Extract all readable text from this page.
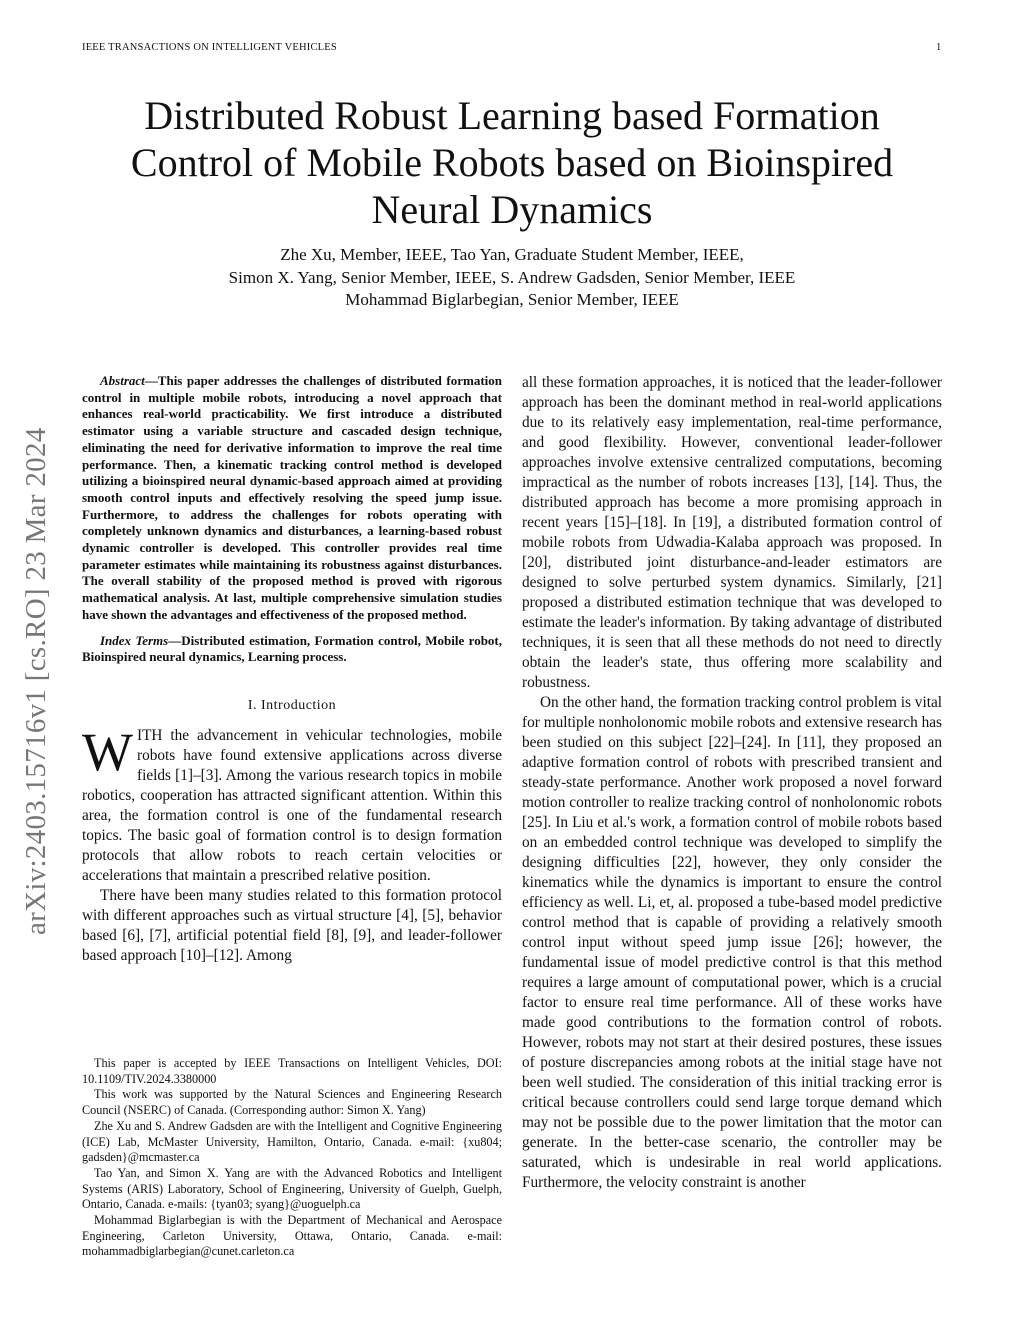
IEEE TRANSACTIONS ON INTELLIGENT VEHICLES	1
arXiv:2403.15716v1 [cs.RO] 23 Mar 2024
Distributed Robust Learning based Formation Control of Mobile Robots based on Bioinspired Neural Dynamics
Zhe Xu, Member, IEEE, Tao Yan, Graduate Student Member, IEEE,
Simon X. Yang, Senior Member, IEEE, S. Andrew Gadsden, Senior Member, IEEE
Mohammad Biglarbegian, Senior Member, IEEE

Abstract—This paper addresses the challenges of distributed formation control in multiple mobile robots, introducing a novel approach that enhances real-world practicability. We first introduce a distributed estimator using a variable structure and cascaded design technique, eliminating the need for derivative information to improve the real time performance. Then, a kinematic tracking control method is developed utilizing a bioinspired neural dynamic-based approach aimed at providing smooth control inputs and effectively resolving the speed jump issue. Furthermore, to address the challenges for robots operating with completely unknown dynamics and disturbances, a learning-based robust dynamic controller is developed. This controller provides real time parameter estimates while maintaining its robustness against disturbances. The overall stability of the proposed method is proved with rigorous mathematical analysis. At last, multiple comprehensive simulation studies have shown the advantages and effectiveness of the proposed method.

Index Terms—Distributed estimation, Formation control, Mobile robot, Bioinspired neural dynamics, Learning process.

I. Introduction

WITH the advancement in vehicular technologies, mobile robots have found extensive applications across diverse fields [1]–[3]. Among the various research topics in mobile robotics, cooperation has attracted significant attention. Within this area, the formation control is one of the fundamental research topics. The basic goal of formation control is to design formation protocols that allow robots to reach certain velocities or accelerations that maintain a prescribed relative position.

There have been many studies related to this formation protocol with different approaches such as virtual structure [4], [5], behavior based [6], [7], artificial potential field [8], [9], and leader-follower based approach [10]–[12]. Among

This paper is accepted by IEEE Transactions on Intelligent Vehicles, DOI: 10.1109/TIV.2024.3380000

This work was supported by the Natural Sciences and Engineering Research Council (NSERC) of Canada. (Corresponding author: Simon X. Yang)

Zhe Xu and S. Andrew Gadsden are with the Intelligent and Cognitive Engineering (ICE) Lab, McMaster University, Hamilton, Ontario, Canada. e-mail: {xu804; gadsden}@mcmaster.ca

Tao Yan, and Simon X. Yang are with the Advanced Robotics and Intelligent Systems (ARIS) Laboratory, School of Engineering, University of Guelph, Guelph, Ontario, Canada. e-mails: {tyan03; syang}@uoguelph.ca

Mohammad Biglarbegian is with the Department of Mechanical and Aerospace Engineering, Carleton University, Ottawa, Ontario, Canada. e-mail: mohammadbiglarbegian@cunet.carleton.ca

all these formation approaches, it is noticed that the leader-follower approach has been the dominant method in real-world applications due to its relatively easy implementation, real-time performance, and good flexibility. However, conventional leader-follower approaches involve extensive centralized computations, becoming impractical as the number of robots increases [13], [14]. Thus, the distributed approach has become a more promising approach in recent years [15]–[18]. In [19], a distributed formation control of mobile robots from Udwadia-Kalaba approach was proposed. In [20], distributed joint disturbance-and-leader estimators are designed to solve perturbed system dynamics. Similarly, [21] proposed a distributed estimation technique that was developed to estimate the leader's information. By taking advantage of distributed techniques, it is seen that all these methods do not need to directly obtain the leader's state, thus offering more scalability and robustness.

On the other hand, the formation tracking control problem is vital for multiple nonholonomic mobile robots and extensive research has been studied on this subject [22]–[24]. In [11], they proposed an adaptive formation control of robots with prescribed transient and steady-state performance. Another work proposed a novel forward motion controller to realize tracking control of nonholonomic robots [25]. In Liu et al.'s work, a formation control of mobile robots based on an embedded control technique was developed to simplify the designing difficulties [22], however, they only consider the kinematics while the dynamics is important to ensure the control efficiency as well. Li, et, al. proposed a tube-based model predictive control method that is capable of providing a relatively smooth control input without speed jump issue [26]; however, the fundamental issue of model predictive control is that this method requires a large amount of computational power, which is a crucial factor to ensure real time performance. All of these works have made good contributions to the formation control of robots. However, robots may not start at their desired postures, these issues of posture discrepancies among robots at the initial stage have not been well studied. The consideration of this initial tracking error is critical because controllers could send large torque demand which may not be possible due to the power limitation that the motor can generate. In the better-case scenario, the controller may be saturated, which is undesirable in real world applications. Furthermore, the velocity constraint is another
